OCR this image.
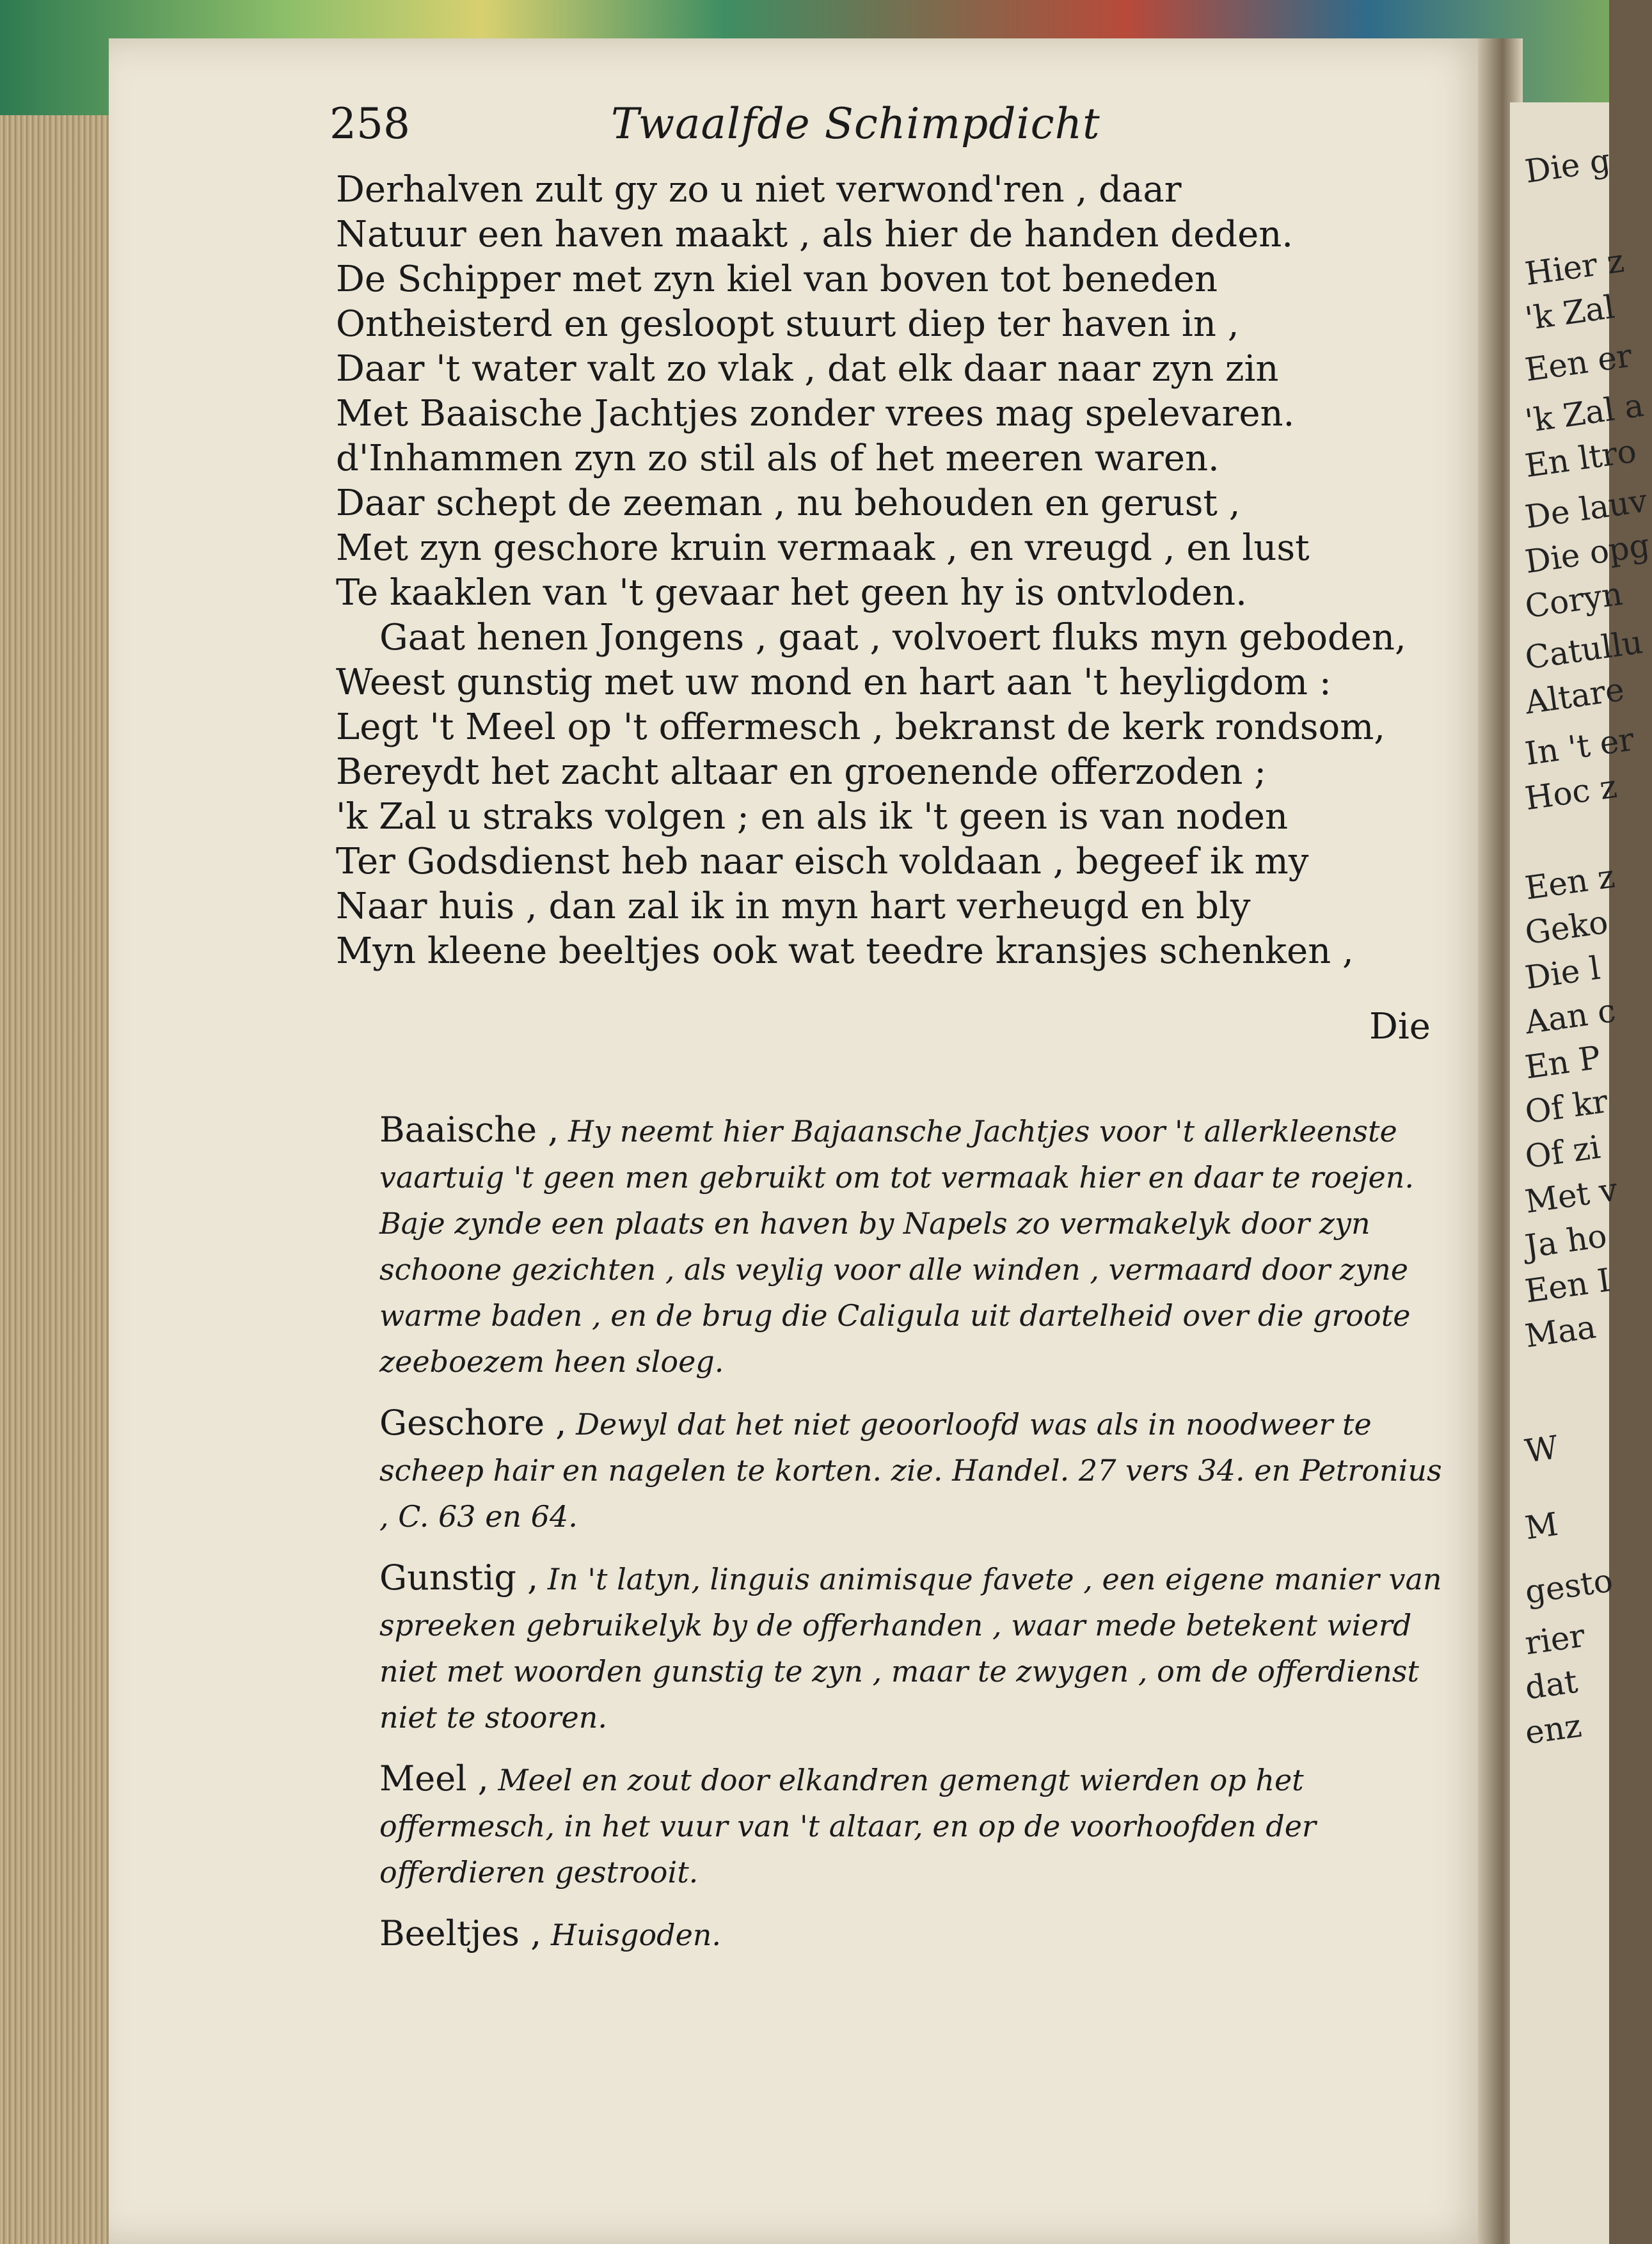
Die g
Hier z
'k Zal
Een er
'k Zal a
En ltro
De lauv
Die opg
Coryn
Catullu
Altare
In 't er
Hoc z
Een z
Geko
Die l
Aan c
En P
Of kr
Of zi
Met v
Ja ho
Een I
Maa
W
M
gesto
rier
dat
enz
258	Twaalfde Schimpdicht
Derhalven zult gy zo u niet verwond'ren , daar
Natuur een haven maakt , als hier de handen deden.
De Schipper met zyn kiel van boven tot beneden
Ontheisterd en gesloopt stuurt diep ter haven in ,
Daar 't water valt zo vlak , dat elk daar naar zyn zin
Met Baaische Jachtjes zonder vrees mag spelevaren.
d'Inhammen zyn zo stil als of het meeren waren.
Daar schept de zeeman , nu behouden en gerust ,
Met zyn geschore kruin vermaak , en vreugd , en lust
Te kaaklen van 't gevaar het geen hy is ontvloden.
Gaat henen Jongens , gaat , volvoert fluks myn geboden,
Weest gunstig met uw mond en hart aan 't heyligdom :
Legt 't Meel op 't offermesch , bekranst de kerk rondsom,
Bereydt het zacht altaar en groenende offerzoden ;
'k Zal u straks volgen ; en als ik 't geen is van noden
Ter Godsdienst heb naar eisch voldaan , begeef ik my
Naar huis , dan zal ik in myn hart verheugd en bly
Myn kleene beeltjes ook wat teedre kransjes schenken ,
Die
Baaische , Hy neemt hier Bajaansche Jachtjes voor 't allerkleenste vaartuig 't geen men gebruikt om tot vermaak hier en daar te roejen. Baje zynde een plaats en haven by Napels zo vermakelyk door zyn schoone gezichten , als veylig voor alle winden , vermaard door zyne warme baden , en de brug die Caligula uit dartelheid over die groote zeeboezem heen sloeg.
Geschore , Dewyl dat het niet geoorloofd was als in noodweer te scheep hair en nagelen te korten. zie. Handel. 27 vers 34. en Petronius , C. 63 en 64.
Gunstig , In 't latyn, linguis animisque favete , een eigene manier van spreeken gebruikelyk by de offerhanden , waar mede betekent wierd niet met woorden gunstig te zyn , maar te zwygen , om de offerdienst niet te stooren.
Meel , Meel en zout door elkandren gemengt wierden op het offermesch, in het vuur van 't altaar, en op de voorhoofden der offerdieren gestrooit.
Beeltjes , Huisgoden.
